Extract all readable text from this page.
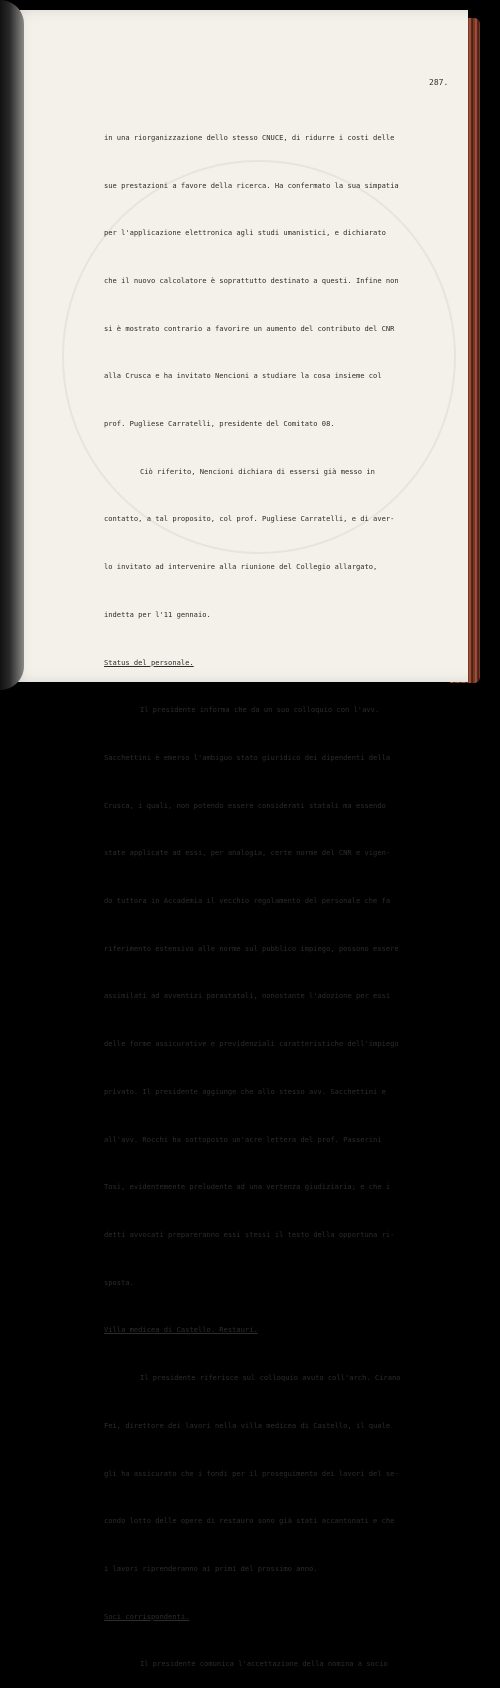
287.

in una riorganizzazione dello stesso CNUCE, di ridurre i costi delle

sue prestazioni a favore della ricerca. Ha confermato la sua simpatia

per l'applicazione elettronica agli studi umanistici, e dichiarato

che il nuovo calcolatore è soprattutto destinato a questi. Infine non

si è mostrato contrario a favorire un aumento del contributo del CNR

alla Crusca e ha invitato Nencioni a studiare la cosa insieme col

prof. Pugliese Carratelli, presidente del Comitato 08.

Ciò riferito, Nencioni dichiara di essersi già messo in

contatto, a tal proposito, col prof. Pugliese Carratelli, e di aver-

lo invitato ad intervenire alla riunione del Collegio allargato,

indetta per l'11 gennaio.

Status del personale.

Il presidente informa che da un suo colloquio con l'avv.

Sacchettini è emerso l'ambiguo stato giuridico dei dipendenti della

Crusca, i quali, non potendo essere considerati statali ma essendo

state applicate ad essi, per analogia, certe norme del CNR e vigen-

do tuttora in Accademia il vecchio regolamento del personale che fa

riferimento estensivo alle norme sul pubblico impiego, possono essere

assimilati ad avventizi parastatali, nonostante l'adozione per essi

delle forme assicurative e previdenziali caratteristiche dell'impiego

privato. Il presidente aggiunge che allo stesso avv. Sacchettini e

all'avv. Rocchi ha sottoposto un'acre lettera del prof. Passerini

Tosi, evidentemente preludente ad una vertenza giudiziaria; e che i

detti avvocati prepareranno essi stessi il testo della opportuna ri-

sposta.

Villa medicea di Castello. Restauri.

Il presidente riferisce sul colloquio avuto coll'arch. Cirano

Fei, direttore dei lavori nella villa medicea di Castello, il quale

gli ha assicurato che i fondi per il proseguimento dei lavori del se-

condo lotto delle opere di restauro sono già stati accantonati e che

i lavori riprenderanno ai primi del prossimo anno.

Soci corrispondenti.

Il presidente comunica l'accettazione della nomina a socio
